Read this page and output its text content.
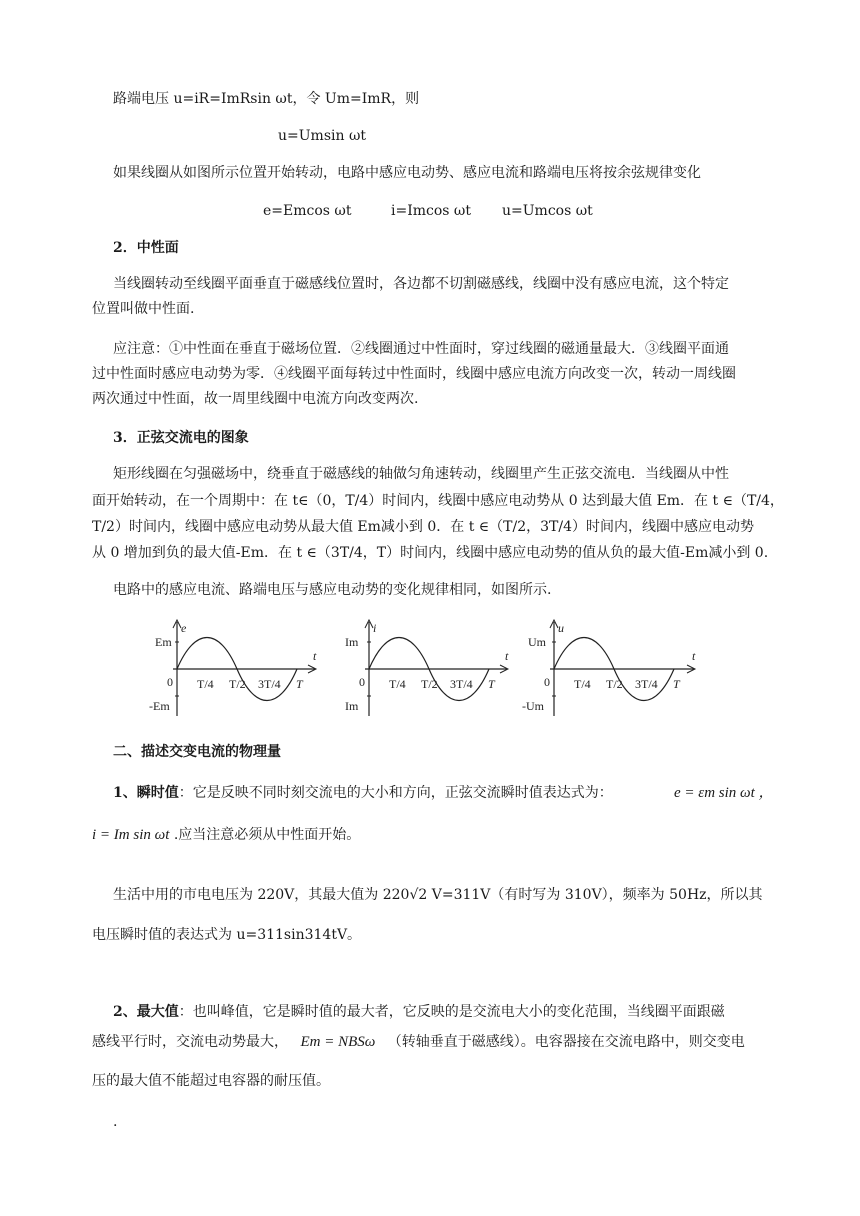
路端电压 u=iR=ImRsin ωt，令 Um=ImR，则
u=Umsin ωt
如果线圈从如图所示位置开始转动，电路中感应电动势、感应电流和路端电压将按余弦规律变化
e=Emcos ωt	i=Imcos ωt u=Umcos ωt
2．中性面
当线圈转动至线圈平面垂直于磁感线位置时，各边都不切割磁感线，线圈中没有感应电流，这个特定
位置叫做中性面.
应注意：①中性面在垂直于磁场位置．②线圈通过中性面时，穿过线圈的磁通量最大．③线圈平面通
过中性面时感应电动势为零．④线圈平面每转过中性面时，线圈中感应电流方向改变一次，转动一周线圈
两次通过中性面，故一周里线圈中电流方向改变两次.
3．正弦交流电的图象
矩形线圈在匀强磁场中，绕垂直于磁感线的轴做匀角速转动，线圈里产生正弦交流电．当线圈从中性
面开始转动，在一个周期中：在 t∈（0，T/4）时间内，线圈中感应电动势从 0 达到最大值 Em．在 t ∈（T/4，
T/2）时间内，线圈中感应电动势从最大值 Em减小到 0．在 t ∈（T/2，3T/4）时间内，线圈中感应电动势
从 0 增加到负的最大值-Em．在 t ∈（3T/4，T）时间内，线圈中感应电动势的值从负的最大值-Em减小到 0.
电路中的感应电流、路端电压与感应电动势的变化规律相同，如图所示.
e
Em
-Em
0 T/4 T/2 3T/4 T
t
i
Im
Im
0 T/4 T/2 3T/4 T
t
u
Um
-Um
0 T/4 T/2 3T/4 T
t
二、描述交变电流的物理量
1、瞬时值：它是反映不同时刻交流电的大小和方向，正弦交流瞬时值表达式为：	e = εm sin ωt ，
i = Im sin ωt .应当注意必须从中性面开始。
生活中用的市电电压为 220V，其最大值为 220√2 V=311V（有时写为 310V），频率为 50Hz，所以其
电压瞬时值的表达式为 u=311sin314tV。
2、最大值：也叫峰值，它是瞬时值的最大者，它反映的是交流电大小的变化范围，当线圈平面跟磁
感线平行时，交流电动势最大， Em = NBSω （转轴垂直于磁感线）。电容器接在交流电路中，则交变电
压的最大值不能超过电容器的耐压值。
.
